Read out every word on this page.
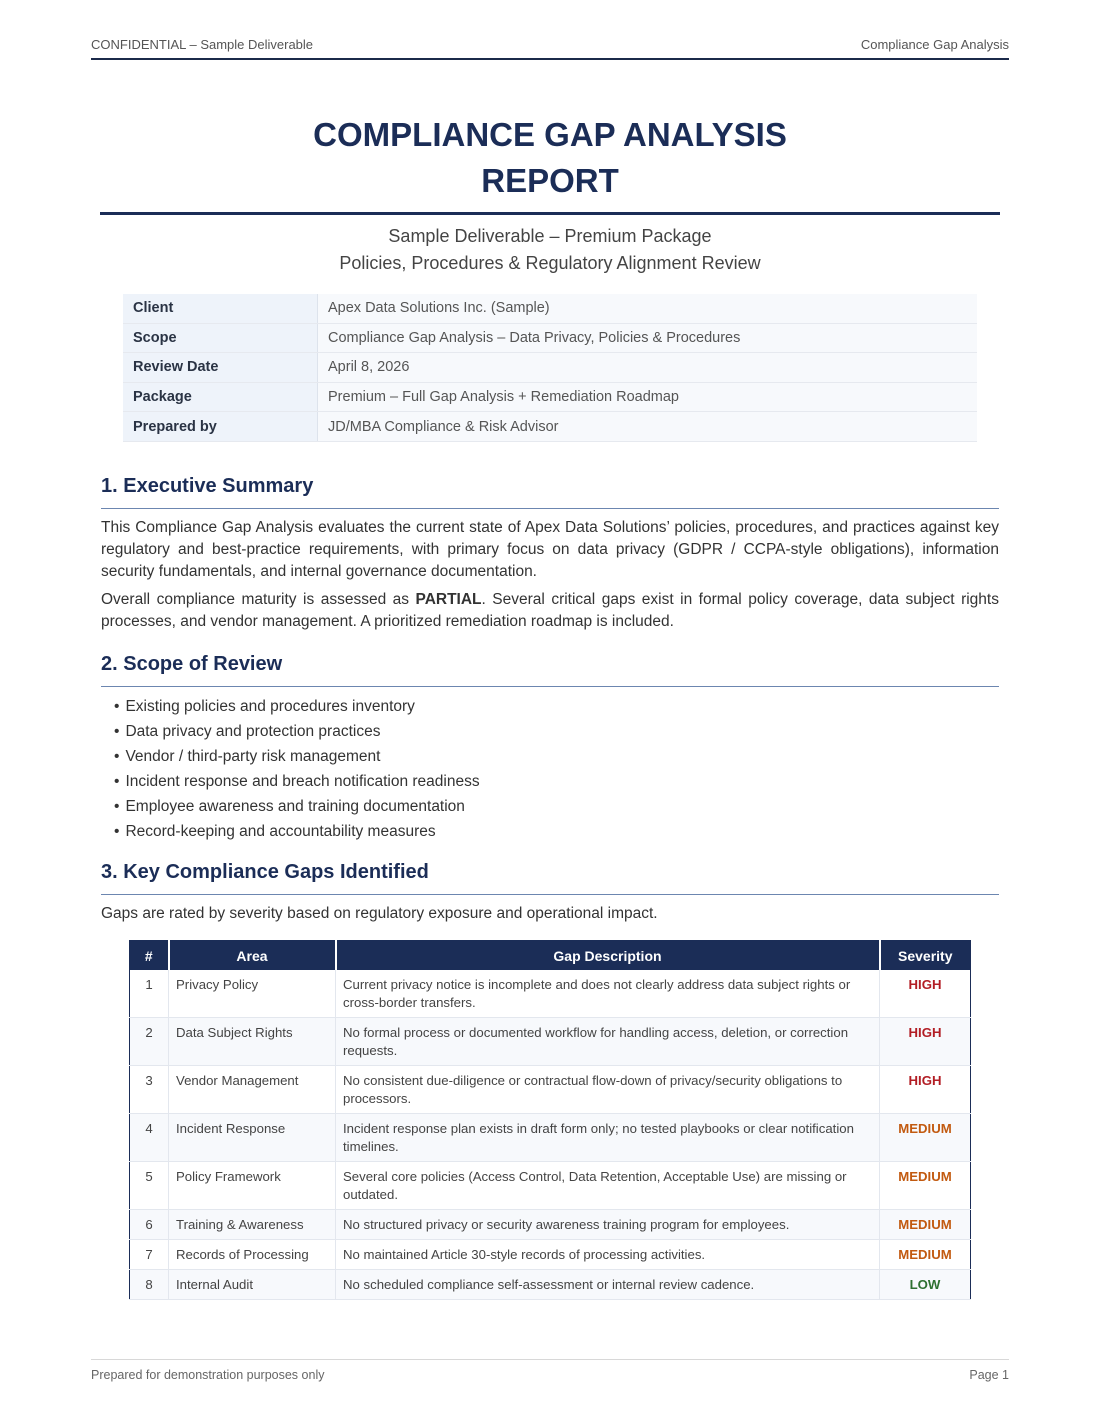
CONFIDENTIAL – Sample Deliverable	Compliance Gap Analysis
COMPLIANCE GAP ANALYSIS
REPORT
Sample Deliverable – Premium Package
Policies, Procedures & Regulatory Alignment Review
Client	Apex Data Solutions Inc. (Sample)
Scope	Compliance Gap Analysis – Data Privacy, Policies & Procedures
Review Date	April 8, 2026
Package	Premium – Full Gap Analysis + Remediation Roadmap
Prepared by	JD/MBA Compliance & Risk Advisor
1. Executive Summary

This Compliance Gap Analysis evaluates the current state of Apex Data Solutions’ policies, procedures, and practices against key regulatory and best-practice requirements, with primary focus on data privacy (GDPR / CCPA-style obligations), information security fundamentals, and internal governance documentation.

Overall compliance maturity is assessed as PARTIAL. Several critical gaps exist in formal policy coverage, data subject rights processes, and vendor management. A prioritized remediation roadmap is included.

2. Scope of Review
• Existing policies and procedures inventory
• Data privacy and protection practices
• Vendor / third-party risk management
• Incident response and breach notification readiness
• Employee awareness and training documentation
• Record-keeping and accountability measures
3. Key Compliance Gaps Identified

Gaps are rated by severity based on regulatory exposure and operational impact.

#	Area	Gap Description	Severity
1	Privacy Policy	Current privacy notice is incomplete and does not clearly address data subject rights or cross-border transfers.	HIGH
2	Data Subject Rights	No formal process or documented workflow for handling access, deletion, or correction requests.	HIGH
3	Vendor Management	No consistent due-diligence or contractual flow-down of privacy/security obligations to processors.	HIGH
4	Incident Response	Incident response plan exists in draft form only; no tested playbooks or clear notification timelines.	MEDIUM
5	Policy Framework	Several core policies (Access Control, Data Retention, Acceptable Use) are missing or outdated.	MEDIUM
6	Training & Awareness	No structured privacy or security awareness training program for employees.	MEDIUM
7	Records of Processing	No maintained Article 30-style records of processing activities.	MEDIUM
8	Internal Audit	No scheduled compliance self-assessment or internal review cadence.	LOW
Prepared for demonstration purposes only	Page 1
